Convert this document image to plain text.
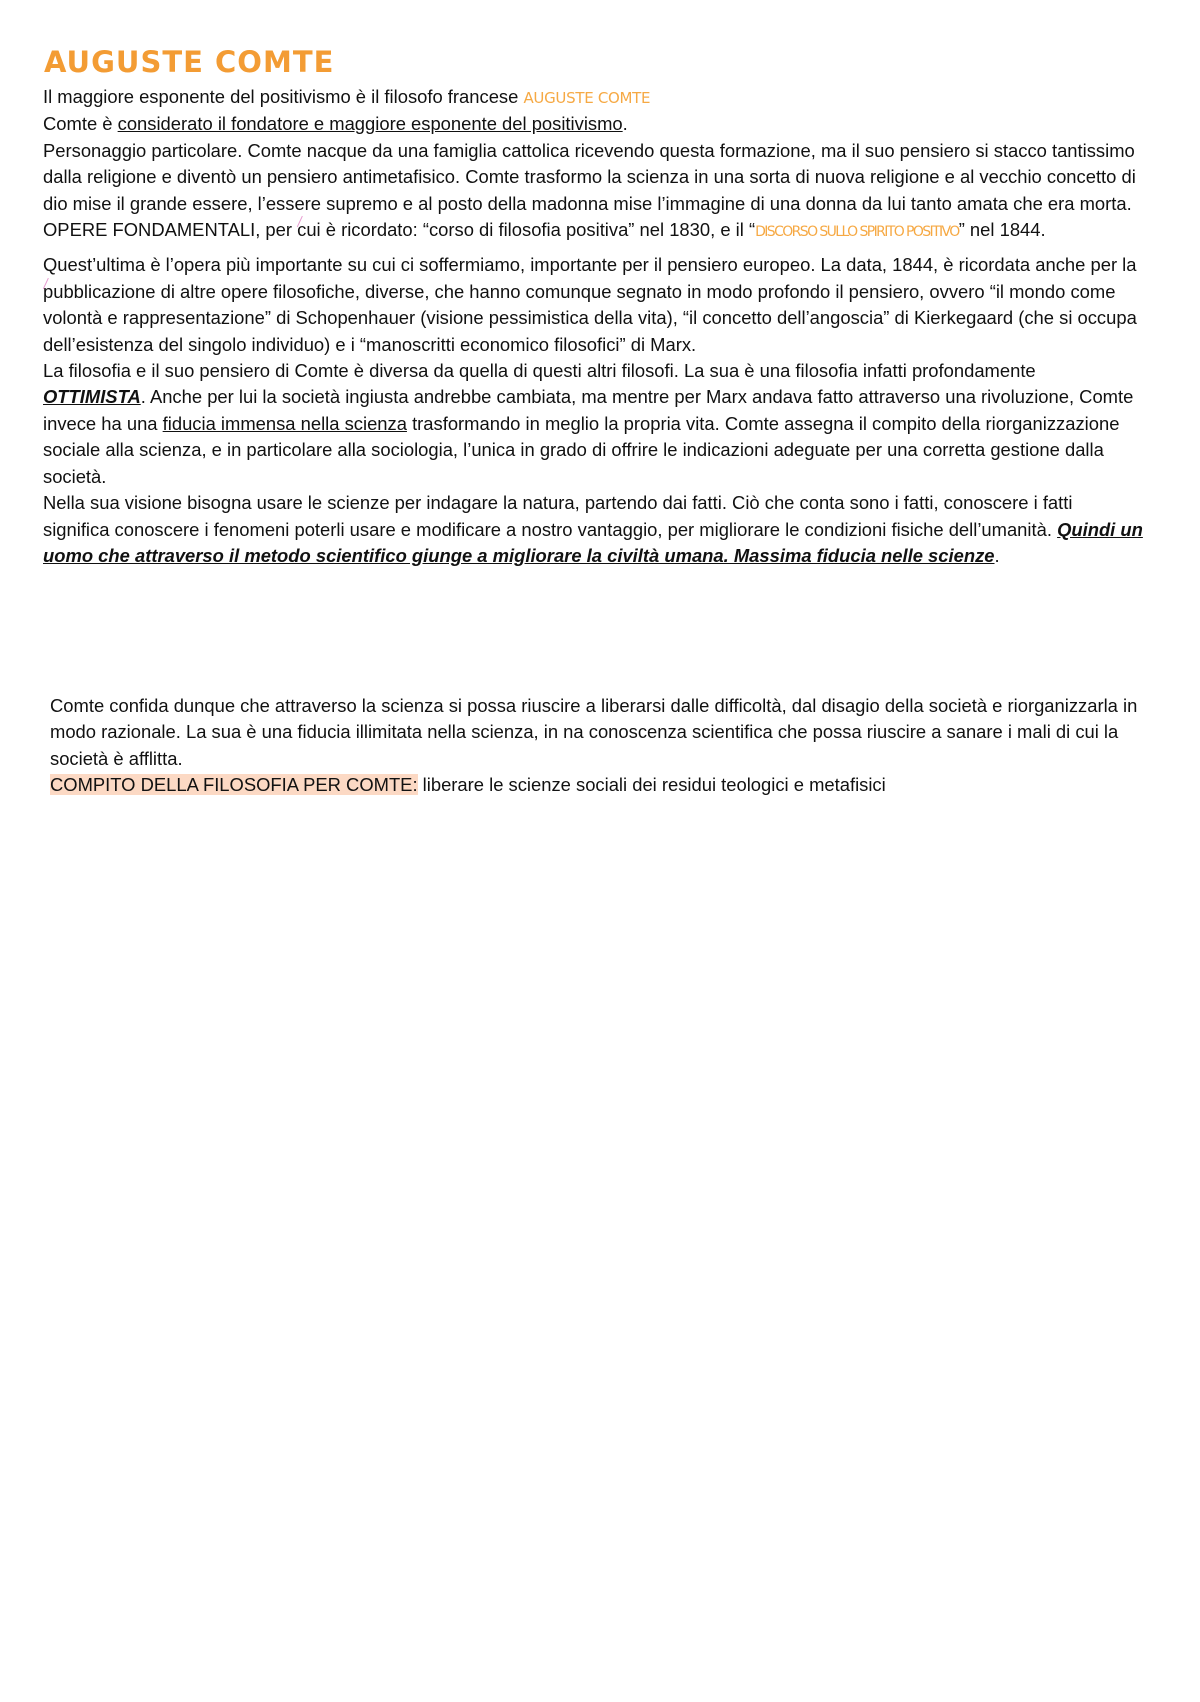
AUGUSTE COMTE

Il maggiore esponente del positivismo è il filosofo francese AUGUSTE COMTE

Comte è considerato il fondatore e maggiore esponente del positivismo.

Personaggio particolare. Comte nacque da una famiglia cattolica ricevendo questa formazione, ma il suo pensiero si stacco tantissimo dalla religione e diventò un pensiero antimetafisico. Comte trasformo la scienza in una sorta di nuova religione e al vecchio concetto di dio mise il grande essere, l’essere supremo e al posto della madonna mise l’immagine di una donna da lui tanto amata che era morta.

OPERE FONDAMENTALI, per cui è ricordato: “corso di filosofia positiva” nel 1830, e il “DISCORSO SULLO SPIRITO POSITIVO” nel 1844.

Quest’ultima è l’opera più importante su cui ci soffermiamo, importante per il pensiero europeo. La data, 1844, è ricordata anche per la pubblicazione di altre opere filosofiche, diverse, che hanno comunque segnato in modo profondo il pensiero, ovvero “il mondo come volontà e rappresentazione” di Schopenhauer (visione pessimistica della vita), “il concetto dell’angoscia” di Kierkegaard (che si occupa dell’esistenza del singolo individuo) e i “manoscritti economico filosofici” di Marx.

La filosofia e il suo pensiero di Comte è diversa da quella di questi altri filosofi. La sua è una filosofia infatti profondamente OTTIMISTA. Anche per lui la società ingiusta andrebbe cambiata, ma mentre per Marx andava fatto attraverso una rivoluzione, Comte invece ha una fiducia immensa nella scienza trasformando in meglio la propria vita. Comte assegna il compito della riorganizzazione sociale alla scienza, e in particolare alla sociologia, l’unica in grado di offrire le indicazioni adeguate per una corretta gestione dalla società.

Nella sua visione bisogna usare le scienze per indagare la natura, partendo dai fatti. Ciò che conta sono i fatti, conoscere i fatti significa conoscere i fenomeni poterli usare e modificare a nostro vantaggio, per migliorare le condizioni fisiche dell’umanità. Quindi un uomo che attraverso il metodo scientifico giunge a migliorare la civiltà umana. Massima fiducia nelle scienze.

Comte confida dunque che attraverso la scienza si possa riuscire a liberarsi dalle difficoltà, dal disagio della società e riorganizzarla in modo razionale. La sua è una fiducia illimitata nella scienza, in na conoscenza scientifica che possa riuscire a sanare i mali di cui la società è afflitta.

COMPITO DELLA FILOSOFIA PER COMTE: liberare le scienze sociali dei residui teologici e metafisici
